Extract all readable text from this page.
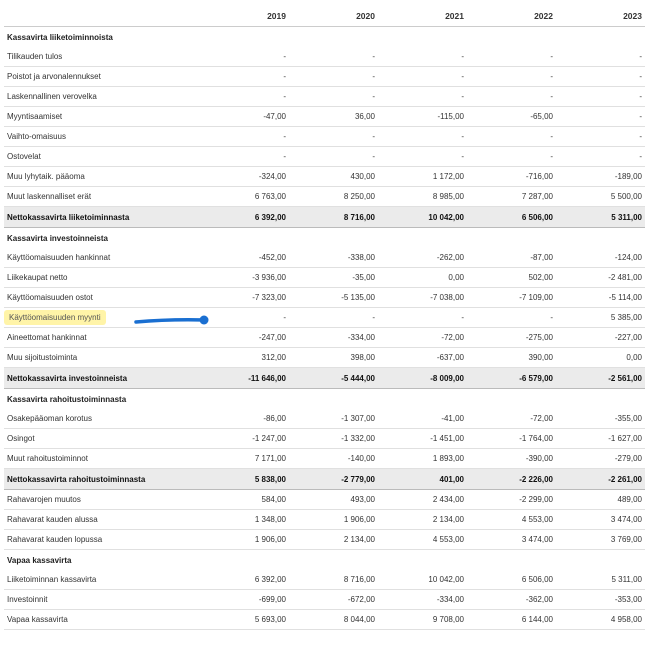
	2019	2020	2021	2022	2023
Kassavirta liiketoiminnoista					
Tilikauden tulos	-	-	-	-	-
Poistot ja arvonalennukset	-	-	-	-	-
Laskennallinen verovelka	-	-	-	-	-
Myyntisaamiset	-47,00	36,00	-115,00	-65,00	-
Vaihto-omaisuus	-	-	-	-	-
Ostovelat	-	-	-	-	-
Muu lyhytaik. pääoma	-324,00	430,00	1 172,00	-716,00	-189,00
Muut laskennalliset erät	6 763,00	8 250,00	8 985,00	7 287,00	5 500,00
Nettokassavirta liiketoiminnasta	6 392,00	8 716,00	10 042,00	6 506,00	5 311,00
Kassavirta investoinneista					
Käyttöomaisuuden hankinnat	-452,00	-338,00	-262,00	-87,00	-124,00
Liikekaupat netto	-3 936,00	-35,00	0,00	502,00	-2 481,00
Käyttöomaisuuden ostot	-7 323,00	-5 135,00	-7 038,00	-7 109,00	-5 114,00
Käyttöomaisuuden myynti	-	-	-	-	5 385,00
Aineettomat hankinnat	-247,00	-334,00	-72,00	-275,00	-227,00
Muu sijoitustoiminta	312,00	398,00	-637,00	390,00	0,00
Nettokassavirta investoinneista	-11 646,00	-5 444,00	-8 009,00	-6 579,00	-2 561,00
Kassavirta rahoitustoiminnasta					
Osakepääoman korotus	-86,00	-1 307,00	-41,00	-72,00	-355,00
Osingot	-1 247,00	-1 332,00	-1 451,00	-1 764,00	-1 627,00
Muut rahoitustoiminnot	7 171,00	-140,00	1 893,00	-390,00	-279,00
Nettokassavirta rahoitustoiminnasta	5 838,00	-2 779,00	401,00	-2 226,00	-2 261,00
Rahavarojen muutos	584,00	493,00	2 434,00	-2 299,00	489,00
Rahavarat kauden alussa	1 348,00	1 906,00	2 134,00	4 553,00	3 474,00
Rahavarat kauden lopussa	1 906,00	2 134,00	4 553,00	3 474,00	3 769,00
Vapaa kassavirta					
Liiketoiminnan kassavirta	6 392,00	8 716,00	10 042,00	6 506,00	5 311,00
Investoinnit	-699,00	-672,00	-334,00	-362,00	-353,00
Vapaa kassavirta	5 693,00	8 044,00	9 708,00	6 144,00	4 958,00
